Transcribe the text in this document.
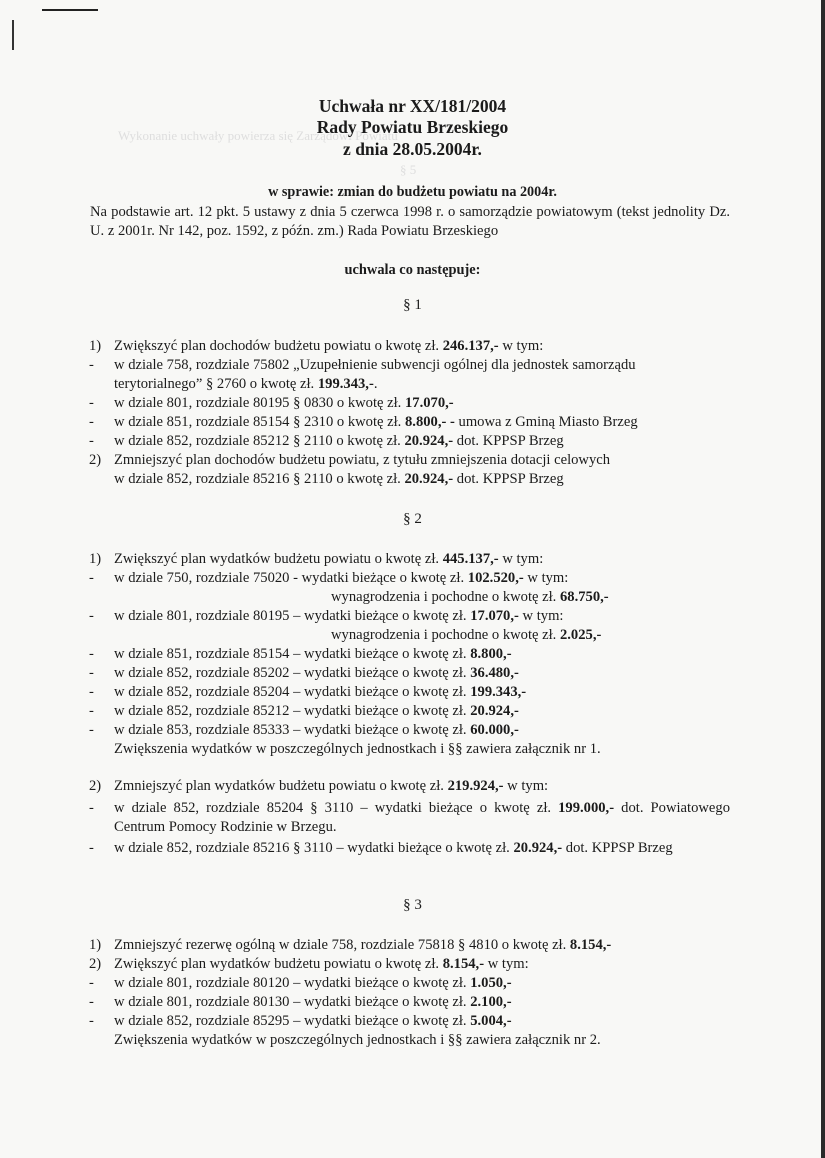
Wykonanie uchwały powierza się Zarządowi Powiatu
§ 5
Uchwała nr XX/181/2004
Rady Powiatu Brzeskiego
z dnia 28.05.2004r.
w sprawie: zmian do budżetu powiatu na 2004r.
Na podstawie art. 12 pkt. 5 ustawy z dnia 5 czerwca 1998 r. o samorządzie powiatowym (tekst jednolity Dz. U. z 2001r. Nr 142, poz. 1592, z późn. zm.) Rada Powiatu Brzeskiego
uchwala co następuje:
§ 1
1) Zwiększyć plan dochodów budżetu powiatu o kwotę zł. 246.137,- w tym:
- w dziale 758, rozdziale 75802 „Uzupełnienie subwencji ogólnej dla jednostek samorządu
terytorialnego” § 2760 o kwotę zł. 199.343,-.
- w dziale 801, rozdziale 80195 § 0830 o kwotę zł. 17.070,-
- w dziale 851, rozdziale 85154 § 2310 o kwotę zł. 8.800,- - umowa z Gminą Miasto Brzeg
- w dziale 852, rozdziale 85212 § 2110 o kwotę zł. 20.924,- dot. KPPSP Brzeg
2) Zmniejszyć plan dochodów budżetu powiatu, z tytułu zmniejszenia dotacji celowych
w dziale 852, rozdziale 85216 § 2110 o kwotę zł. 20.924,- dot. KPPSP Brzeg
§ 2
1) Zwiększyć plan wydatków budżetu powiatu o kwotę zł. 445.137,- w tym:
- w dziale 750, rozdziale 75020 - wydatki bieżące o kwotę zł. 102.520,- w tym:
wynagrodzenia i pochodne o kwotę zł. 68.750,-
- w dziale 801, rozdziale 80195 – wydatki bieżące o kwotę zł. 17.070,- w tym:
wynagrodzenia i pochodne o kwotę zł. 2.025,-
- w dziale 851, rozdziale 85154 – wydatki bieżące o kwotę zł. 8.800,-
- w dziale 852, rozdziale 85202 – wydatki bieżące o kwotę zł. 36.480,-
- w dziale 852, rozdziale 85204 – wydatki bieżące o kwotę zł. 199.343,-
- w dziale 852, rozdziale 85212 – wydatki bieżące o kwotę zł. 20.924,-
- w dziale 853, rozdziale 85333 – wydatki bieżące o kwotę zł. 60.000,-
Zwiększenia wydatków w poszczególnych jednostkach i §§ zawiera załącznik nr 1.
2) Zmniejszyć plan wydatków budżetu powiatu o kwotę zł. 219.924,- w tym:
- w dziale 852, rozdziale 85204 § 3110 – wydatki bieżące o kwotę zł. 199.000,- dot. Powiatowego Centrum Pomocy Rodzinie w Brzegu.
- w dziale 852, rozdziale 85216 § 3110 – wydatki bieżące o kwotę zł. 20.924,- dot. KPPSP Brzeg
§ 3
1) Zmniejszyć rezerwę ogólną w dziale 758, rozdziale 75818 § 4810 o kwotę zł. 8.154,-
2) Zwiększyć plan wydatków budżetu powiatu o kwotę zł. 8.154,- w tym:
- w dziale 801, rozdziale 80120 – wydatki bieżące o kwotę zł. 1.050,-
- w dziale 801, rozdziale 80130 – wydatki bieżące o kwotę zł. 2.100,-
- w dziale 852, rozdziale 85295 – wydatki bieżące o kwotę zł. 5.004,-
Zwiększenia wydatków w poszczególnych jednostkach i §§ zawiera załącznik nr 2.
